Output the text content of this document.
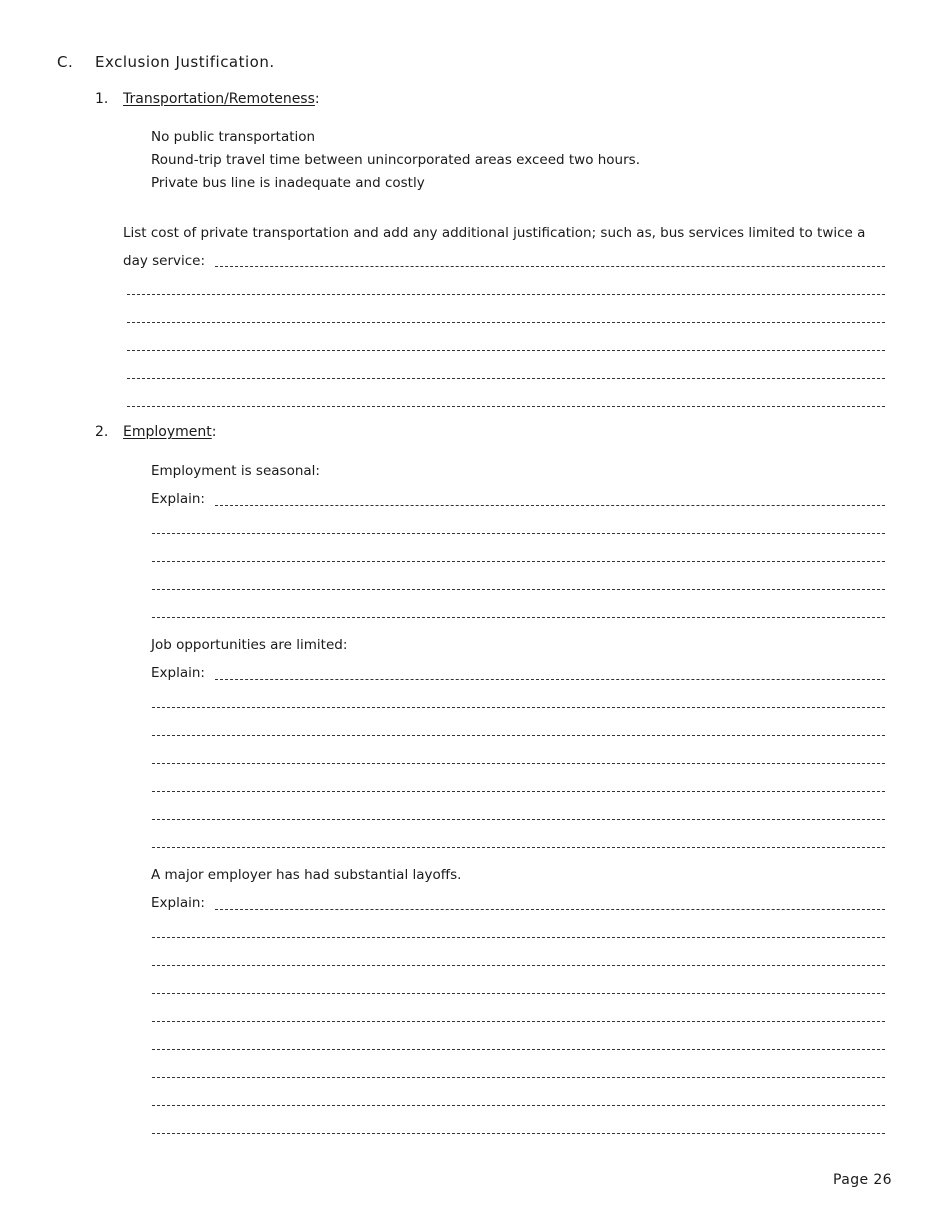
C. Exclusion Justification.
1. Transportation/Remoteness:
No public transportation
Round-trip travel time between unincorporated areas exceed two hours.
Private bus line is inadequate and costly
List cost of private transportation and add any additional justification; such as, bus services limited to twice a
day service:
2. Employment:
Employment is seasonal:
Explain:
Job opportunities are limited:
Explain:
A major employer has had substantial layoffs.
Explain:
Page 26
